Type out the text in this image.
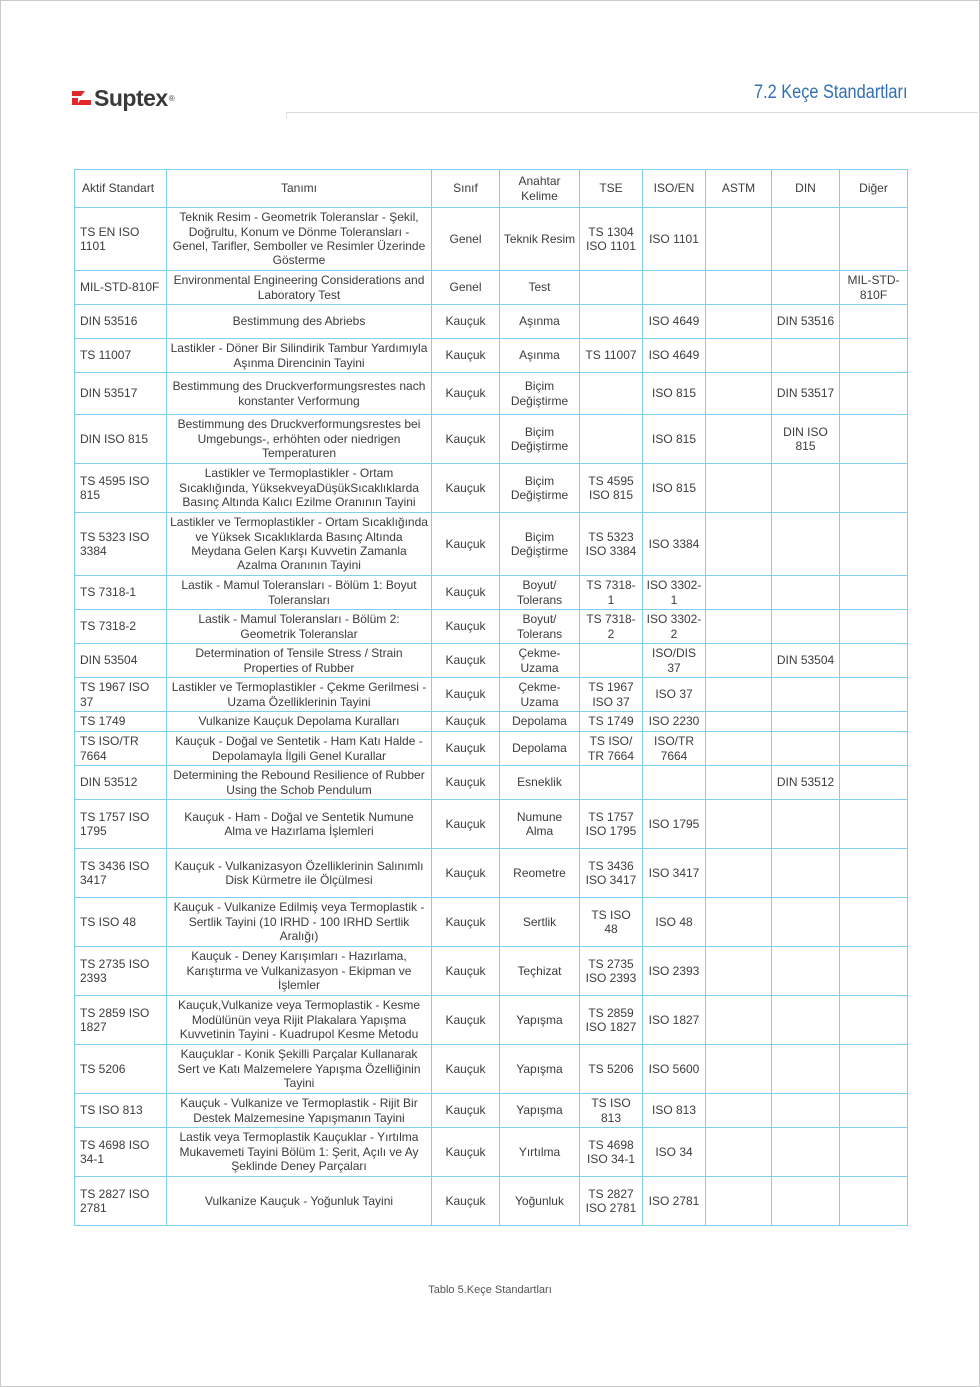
Suptex ®	7.2 Keçe Standartları
Aktif Standart	Tanımı	Sınıf	Anahtar Kelime	TSE	ISO/EN	ASTM	DIN	Diğer
TS EN ISO 1101	Teknik Resim - Geometrik Toleranslar - Şekil, Doğrultu, Konum ve Dönme Toleransları - Genel, Tarifler, Semboller ve Resimler Üzerinde Gösterme	Genel	Teknik Resim	TS 1304 ISO 1101	ISO 1101			
MIL-STD-810F	Environmental Engineering Considerations and Laboratory Test	Genel	Test					MIL-STD-810F
DIN 53516	Bestimmung des Abriebs	Kauçuk	Aşınma		ISO 4649		DIN 53516	
TS 11007	Lastikler - Döner Bir Silindirik Tambur Yardımıyla Aşınma Direncinin Tayini	Kauçuk	Aşınma	TS 11007	ISO 4649			
DIN 53517	Bestimmung des Druckverformungsrestes nach konstanter Verformung	Kauçuk	Biçim Değiştirme		ISO 815		DIN 53517	
DIN ISO 815	Bestimmung des Druckverformungsrestes bei Umgebungs-, erhöhten oder niedrigen Temperaturen	Kauçuk	Biçim Değiştirme		ISO 815		DIN ISO 815	
TS 4595 ISO 815	Lastikler ve Termoplastikler - Ortam Sıcaklığında, YüksekveyaDüşükSıcaklıklarda Basınç Altında Kalıcı Ezilme Oranının Tayini	Kauçuk	Biçim Değiştirme	TS 4595 ISO 815	ISO 815			
TS 5323 ISO 3384	Lastikler ve Termoplastikler - Ortam Sıcaklığında ve Yüksek Sıcaklıklarda Basınç Altında Meydana Gelen Karşı Kuvvetin Zamanla Azalma Oranının Tayini	Kauçuk	Biçim Değiştirme	TS 5323 ISO 3384	ISO 3384			
TS 7318-1	Lastik - Mamul Toleransları - Bölüm 1: Boyut Toleransları	Kauçuk	Boyut/ Tolerans	TS 7318-1	ISO 3302-1			
TS 7318-2	Lastik - Mamul Toleransları - Bölüm 2: Geometrik Toleranslar	Kauçuk	Boyut/ Tolerans	TS 7318-2	ISO 3302-2			
DIN 53504	Determination of Tensile Stress / Strain Properties of Rubber	Kauçuk	Çekme-Uzama		ISO/DIS 37		DIN 53504	
TS 1967 ISO 37	Lastikler ve Termoplastikler - Çekme Gerilmesi - Uzama Özelliklerinin Tayini	Kauçuk	Çekme-Uzama	TS 1967 ISO 37	ISO 37			
TS 1749	Vulkanize Kauçuk Depolama Kuralları	Kauçuk	Depolama	TS 1749	ISO 2230			
TS ISO/TR 7664	Kauçuk - Doğal ve Sentetik - Ham Katı Halde - Depolamayla İlgili Genel Kurallar	Kauçuk	Depolama	TS ISO/ TR 7664	ISO/TR 7664			
DIN 53512	Determining the Rebound Resilience of Rubber Using the Schob Pendulum	Kauçuk	Esneklik				DIN 53512	
TS 1757 ISO 1795	Kauçuk - Ham - Doğal ve Sentetik Numune Alma ve Hazırlama İşlemleri	Kauçuk	Numune Alma	TS 1757 ISO 1795	ISO 1795			
TS 3436 ISO 3417	Kauçuk - Vulkanizasyon Özelliklerinin Salınımlı Disk Kürmetre ile Ölçülmesi	Kauçuk	Reometre	TS 3436 ISO 3417	ISO 3417			
TS ISO 48	Kauçuk - Vulkanize Edilmiş veya Termoplastik - Sertlik Tayini (10 IRHD - 100 IRHD Sertlik Aralığı)	Kauçuk	Sertlik	TS ISO 48	ISO 48			
TS 2735 ISO 2393	Kauçuk - Deney Karışımları - Hazırlama, Karıştırma ve Vulkanizasyon - Ekipman ve İşlemler	Kauçuk	Teçhizat	TS 2735 ISO 2393	ISO 2393			
TS 2859 ISO 1827	Kauçuk,Vulkanize veya Termoplastik - Kesme Modülünün veya Rijit Plakalara Yapışma Kuvvetinin Tayini - Kuadrupol Kesme Metodu	Kauçuk	Yapışma	TS 2859 ISO 1827	ISO 1827			
TS 5206	Kauçuklar - Konik Şekilli Parçalar Kullanarak Sert ve Katı Malzemelere Yapışma Özelliğinin Tayini	Kauçuk	Yapışma	TS 5206	ISO 5600			
TS ISO 813	Kauçuk - Vulkanize ve Termoplastik - Rijit Bir Destek Malzemesine Yapışmanın Tayini	Kauçuk	Yapışma	TS ISO 813	ISO 813			
TS 4698 ISO 34-1	Lastik veya Termoplastik Kauçuklar - Yırtılma Mukavemeti Tayini Bölüm 1: Şerit, Açılı ve Ay Şeklinde Deney Parçaları	Kauçuk	Yırtılma	TS 4698 ISO 34-1	ISO 34			
TS 2827 ISO 2781	Vulkanize Kauçuk - Yoğunluk Tayini	Kauçuk	Yoğunluk	TS 2827 ISO 2781	ISO 2781			
Tablo 5.Keçe Standartları
